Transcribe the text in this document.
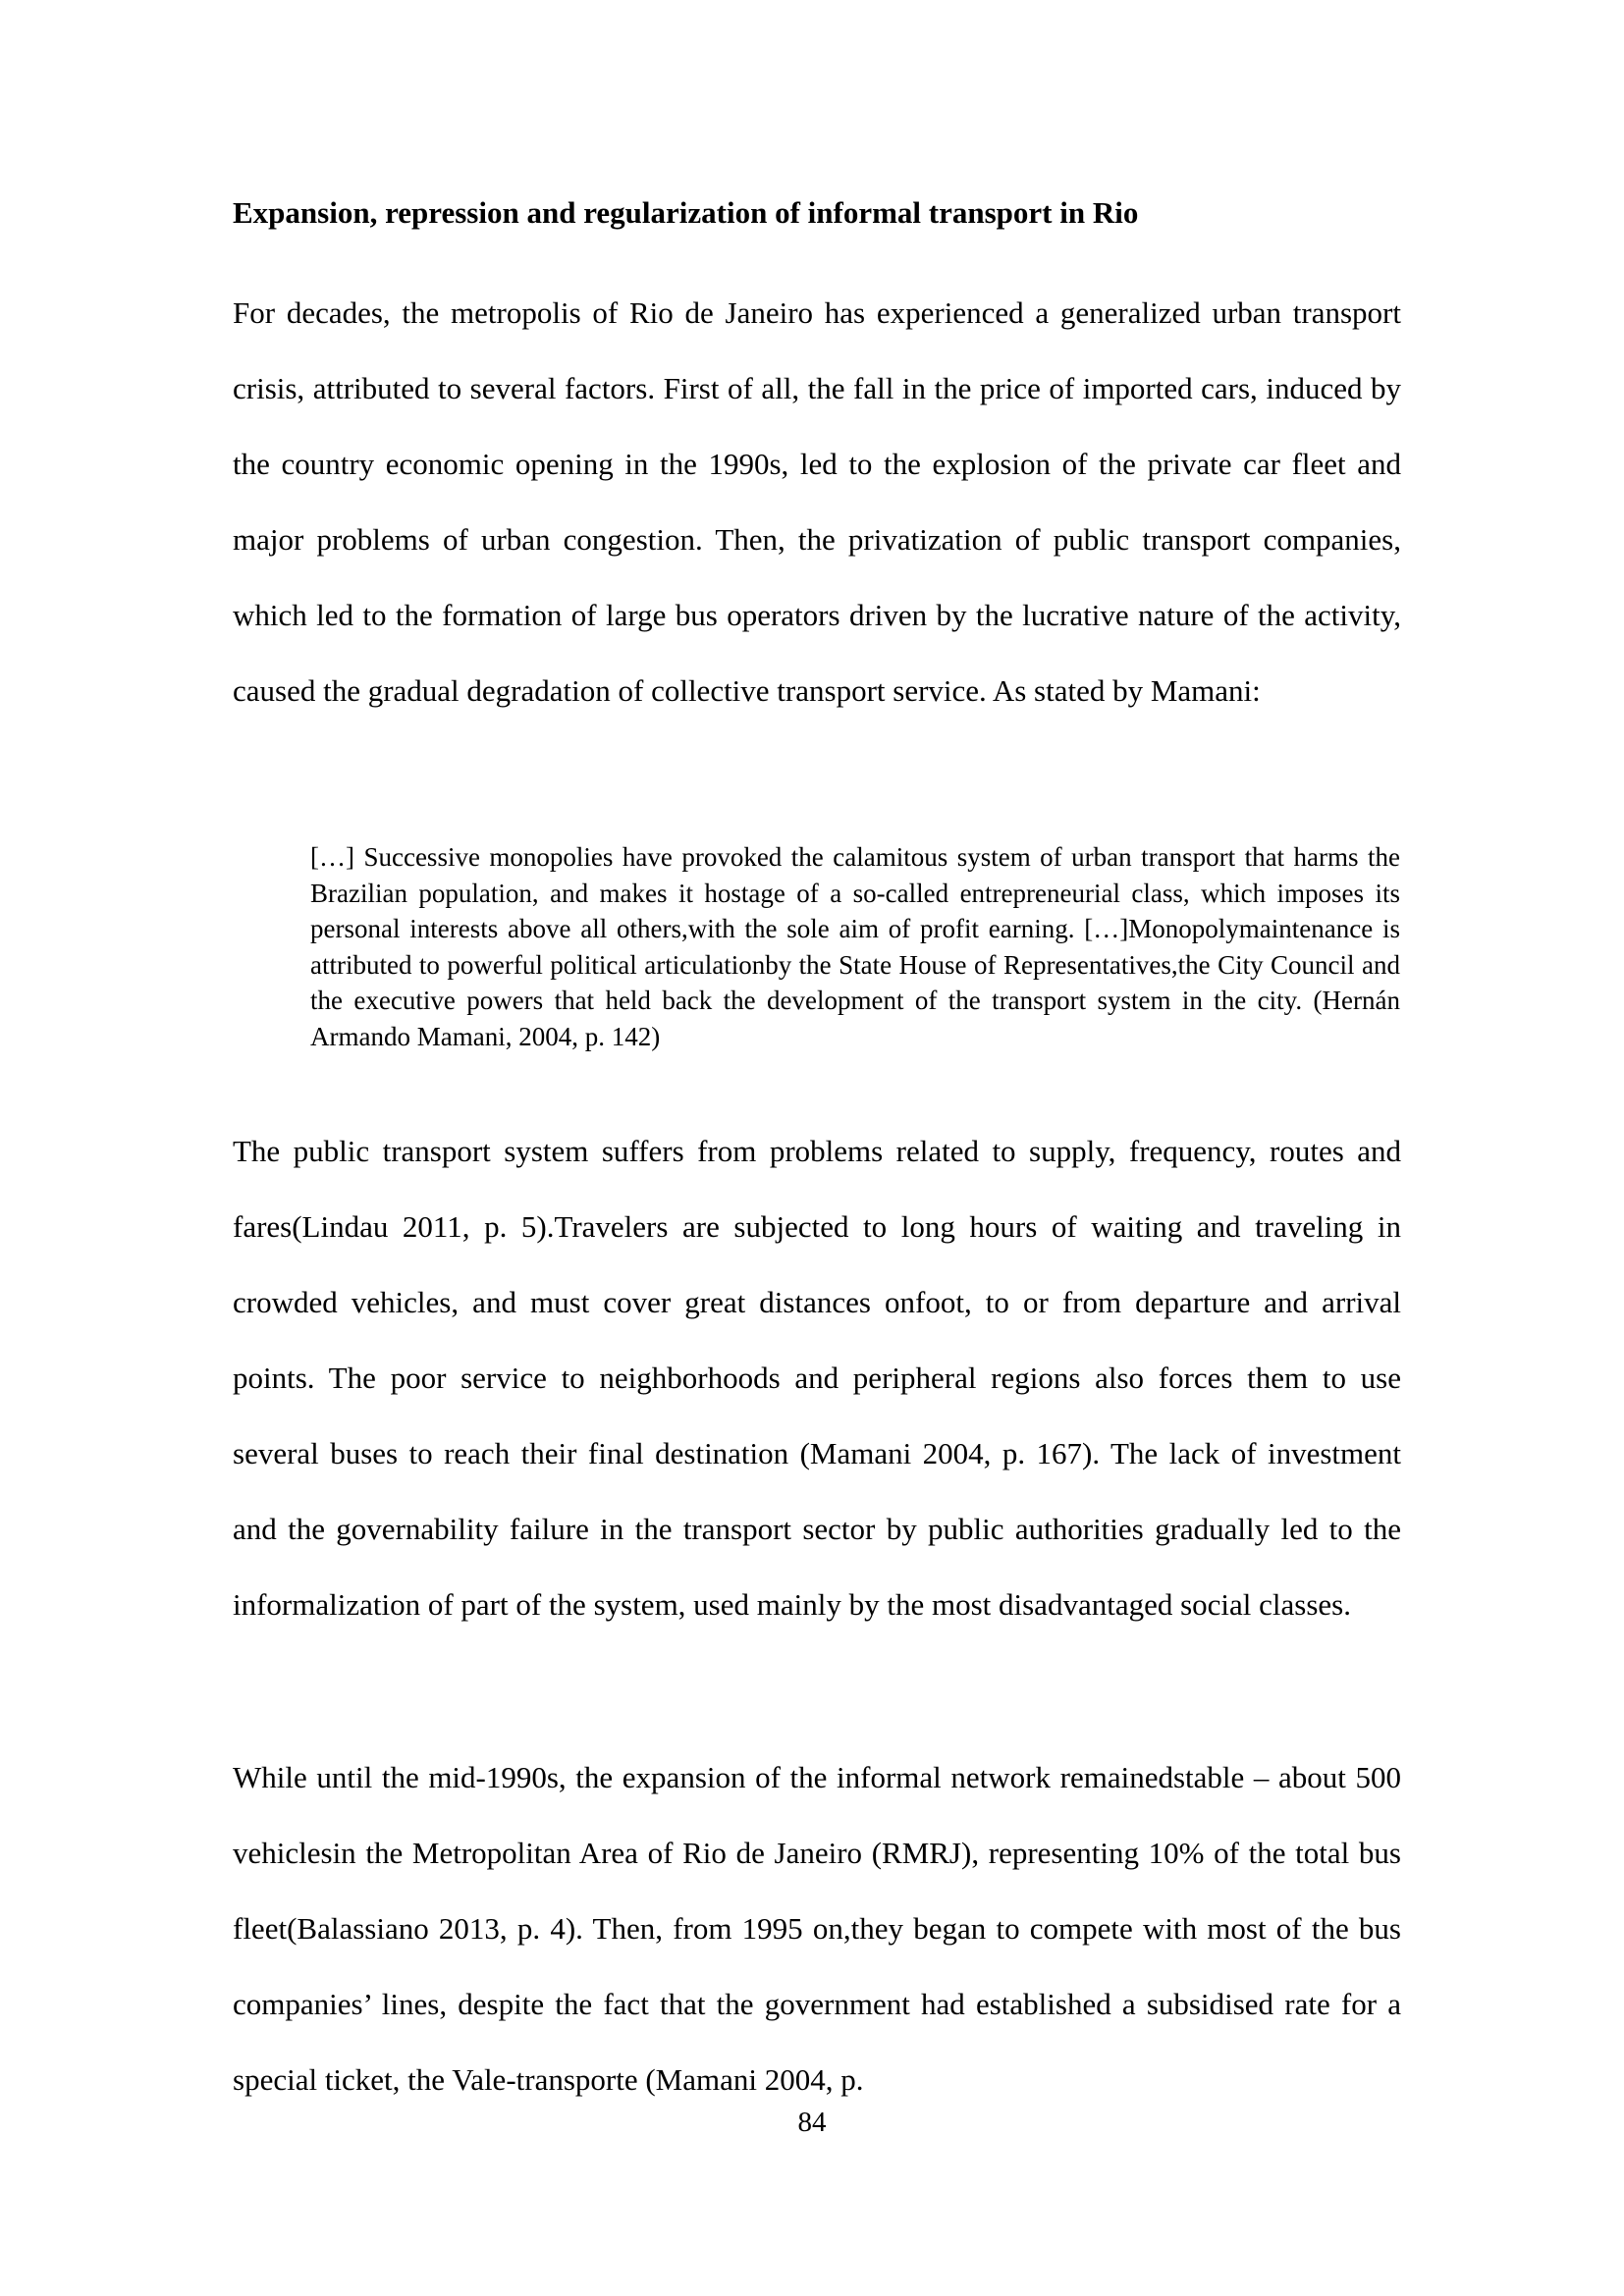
Expansion, repression and regularization of informal transport in Rio

For decades, the metropolis of Rio de Janeiro has experienced a generalized urban transport crisis, attributed to several factors. First of all, the fall in the price of imported cars, induced by the country economic opening in the 1990s, led to the explosion of the private car fleet and major problems of urban congestion. Then, the privatization of public transport companies, which led to the formation of large bus operators driven by the lucrative nature of the activity, caused the gradual degradation of collective transport service. As stated by Mamani:

[…] Successive monopolies have provoked the calamitous system of urban transport that harms the Brazilian population, and makes it hostage of a so-called entrepreneurial class, which imposes its personal interests above all others,with the sole aim of profit earning. […]Monopolymaintenance is attributed to powerful political articulationby the State House of Representatives,the City Council and the executive powers that held back the development of the transport system in the city. (Hernán Armando Mamani, 2004, p. 142)

The public transport system suffers from problems related to supply, frequency, routes and fares(Lindau 2011, p. 5).Travelers are subjected to long hours of waiting and traveling in crowded vehicles, and must cover great distances onfoot, to or from departure and arrival points. The poor service to neighborhoods and peripheral regions also forces them to use several buses to reach their final destination (Mamani 2004, p. 167). The lack of investment and the governability failure in the transport sector by public authorities gradually led to the informalization of part of the system, used mainly by the most disadvantaged social classes.

While until the mid-1990s, the expansion of the informal network remainedstable – about 500 vehiclesin the Metropolitan Area of Rio de Janeiro (RMRJ), representing 10% of the total bus fleet(Balassiano 2013, p. 4). Then, from 1995 on,they began to compete with most of the bus companies’ lines, despite the fact that the government had established a subsidised rate for a special ticket, the Vale-transporte (Mamani 2004, p.

84
